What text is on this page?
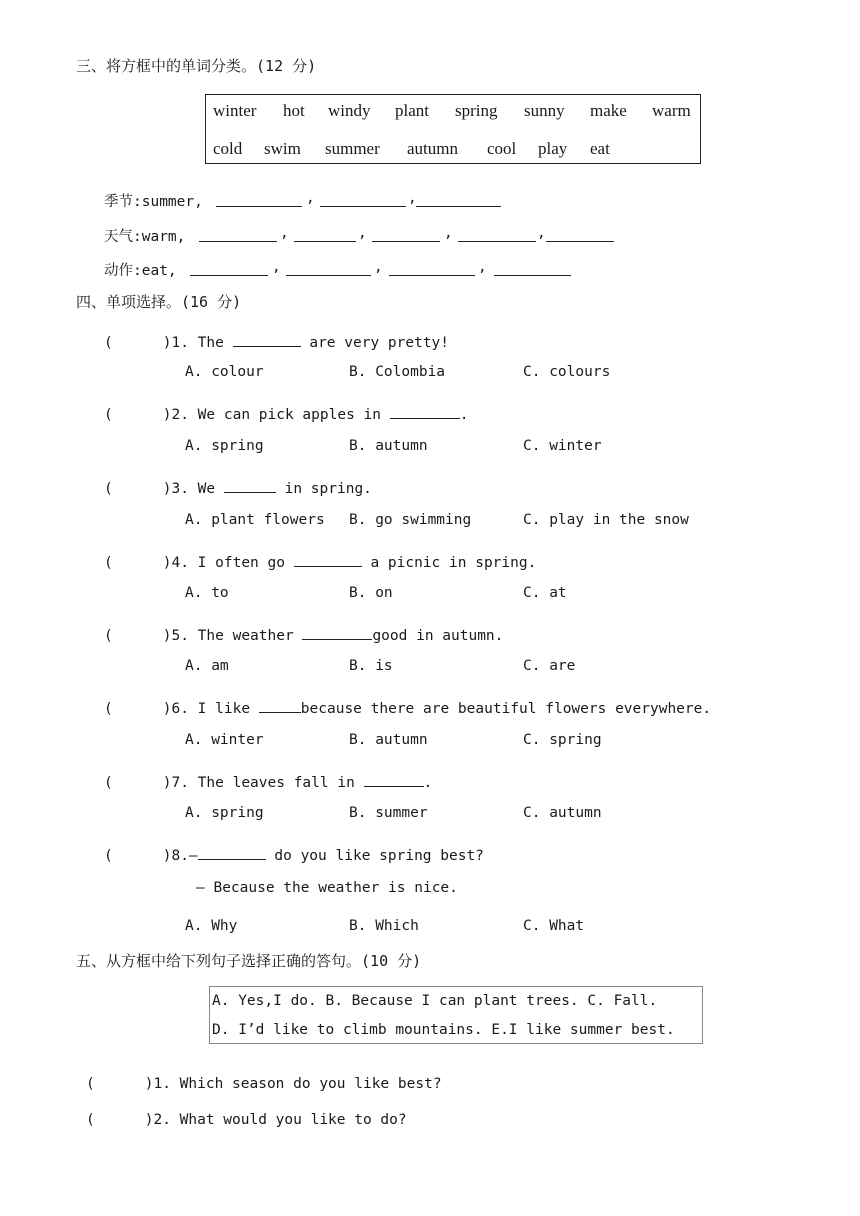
三、将方框中的单词分类。(12 分)
winter hot windy plant spring sunny make warm
cold swim summer autumn cool play eat
季节:summer,	,	,
天气:warm,	,	,	,	,
动作:eat,	,	,	,
四、单项选择。(16 分)
(	)1. The	are very pretty!
A. colour	B. Colombia	C. colours
(	)2. We can pick apples in	.
A. spring	B. autumn	C. winter
(	)3. We	in spring.
A. plant flowers B. go swimming	C. play in the snow
(	)4. I often go	a picnic in spring.
A. to	B. on	C. at
(	)5. The weather	good in autumn.
A. am	B. is	C. are
(	)6. I like	because there are beautiful flowers everywhere.
A. winter	B. autumn	C. spring
(	)7. The leaves fall in	.
A. spring	B. summer	C. autumn
(	)8.—	do you like spring best?
— Because the weather is nice.
A. Why	B. Which	C. What
五、从方框中给下列句子选择正确的答句。(10 分)
A. Yes,I do. B. Because I can plant trees. C. Fall.
D. I’d like to climb mountains. E.I like summer best.
(	)1. Which season do you like best?
(	)2. What would you like to do?
